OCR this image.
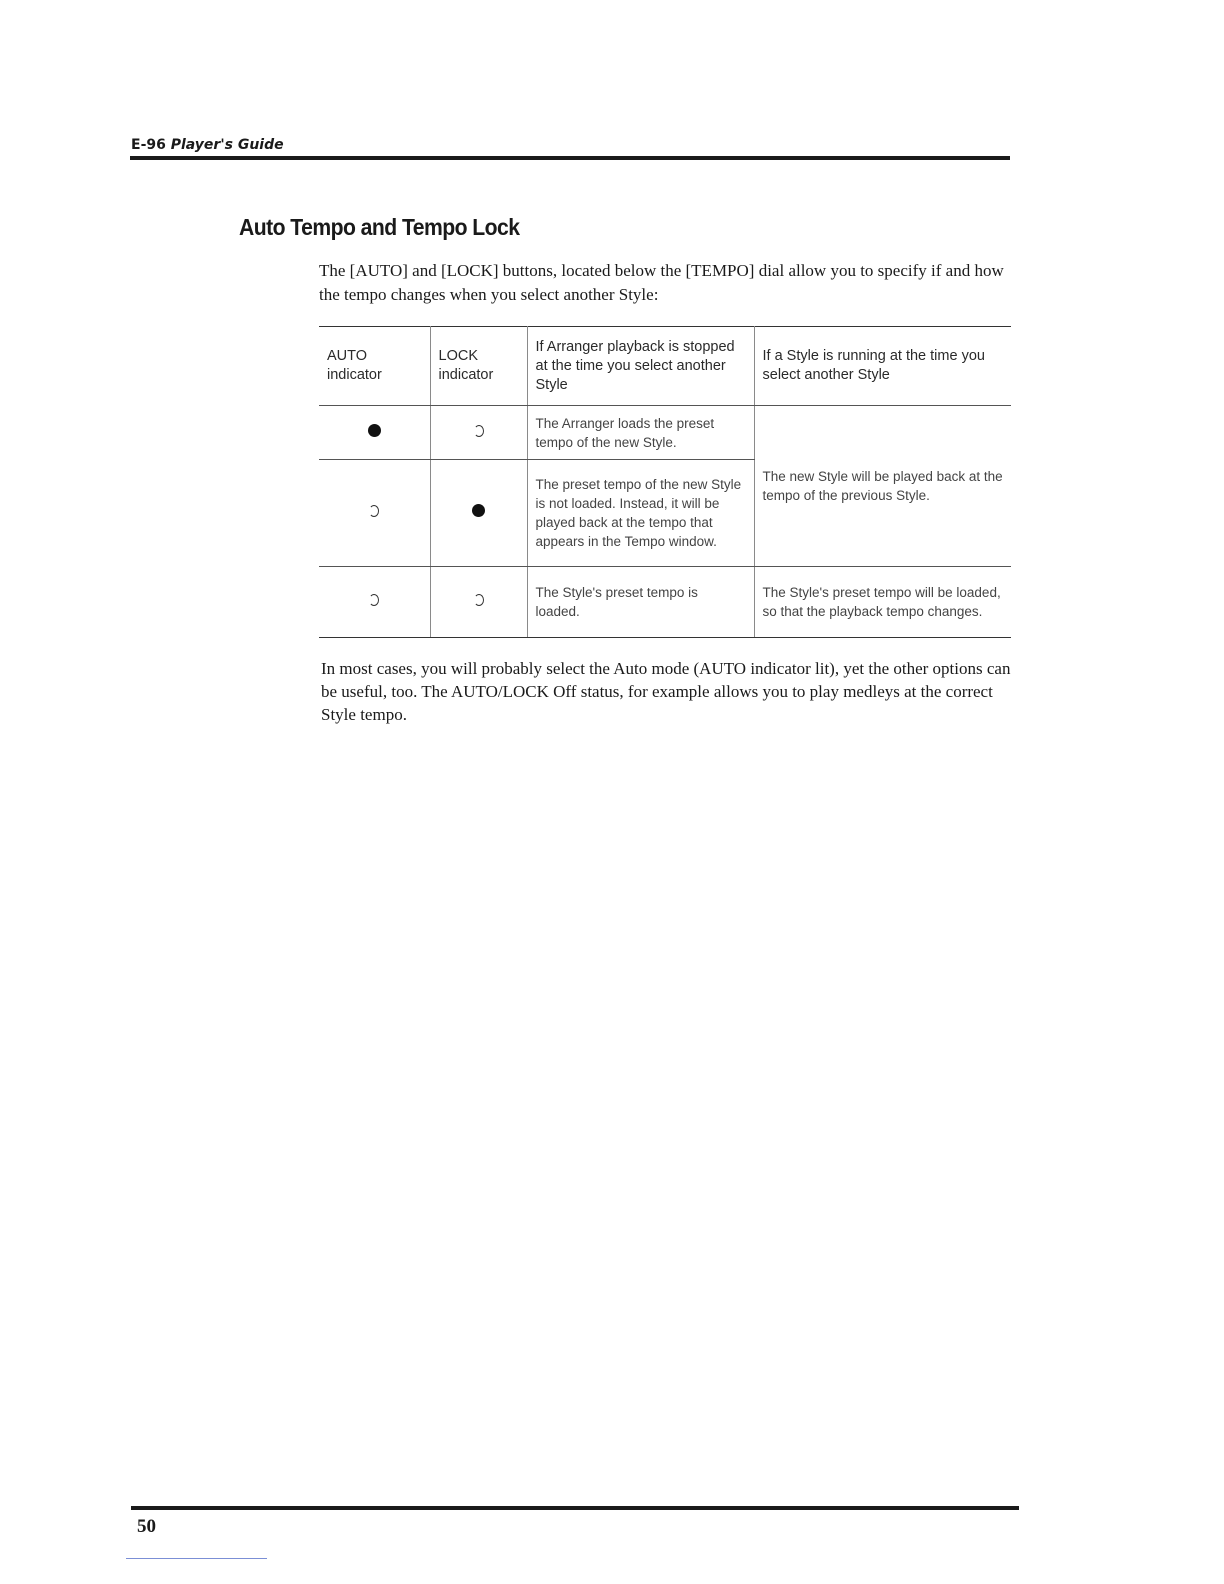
E-96 Player's Guide
Auto Tempo and Tempo Lock

The [AUTO] and [LOCK] buttons, located below the [TEMPO] dial allow you to specify if and how the tempo changes when you select another Style:

AUTO indicator	LOCK indicator	If Arranger playback is stopped at the time you select another Style	If a Style is running at the time you select another Style
		The Arranger loads the preset tempo of the new Style.	The new Style will be played back at the tempo of the previous Style.
		The preset tempo of the new Style is not loaded. Instead, it will be played back at the tempo that appears in the Tempo window.	
		The Style's preset tempo is loaded.	The Style's preset tempo will be loaded, so that the playback tempo changes.

In most cases, you will probably select the Auto mode (AUTO indicator lit), yet the other options can be useful, too. The AUTO/LOCK Off status, for example allows you to play medleys at the correct Style tempo.

50
